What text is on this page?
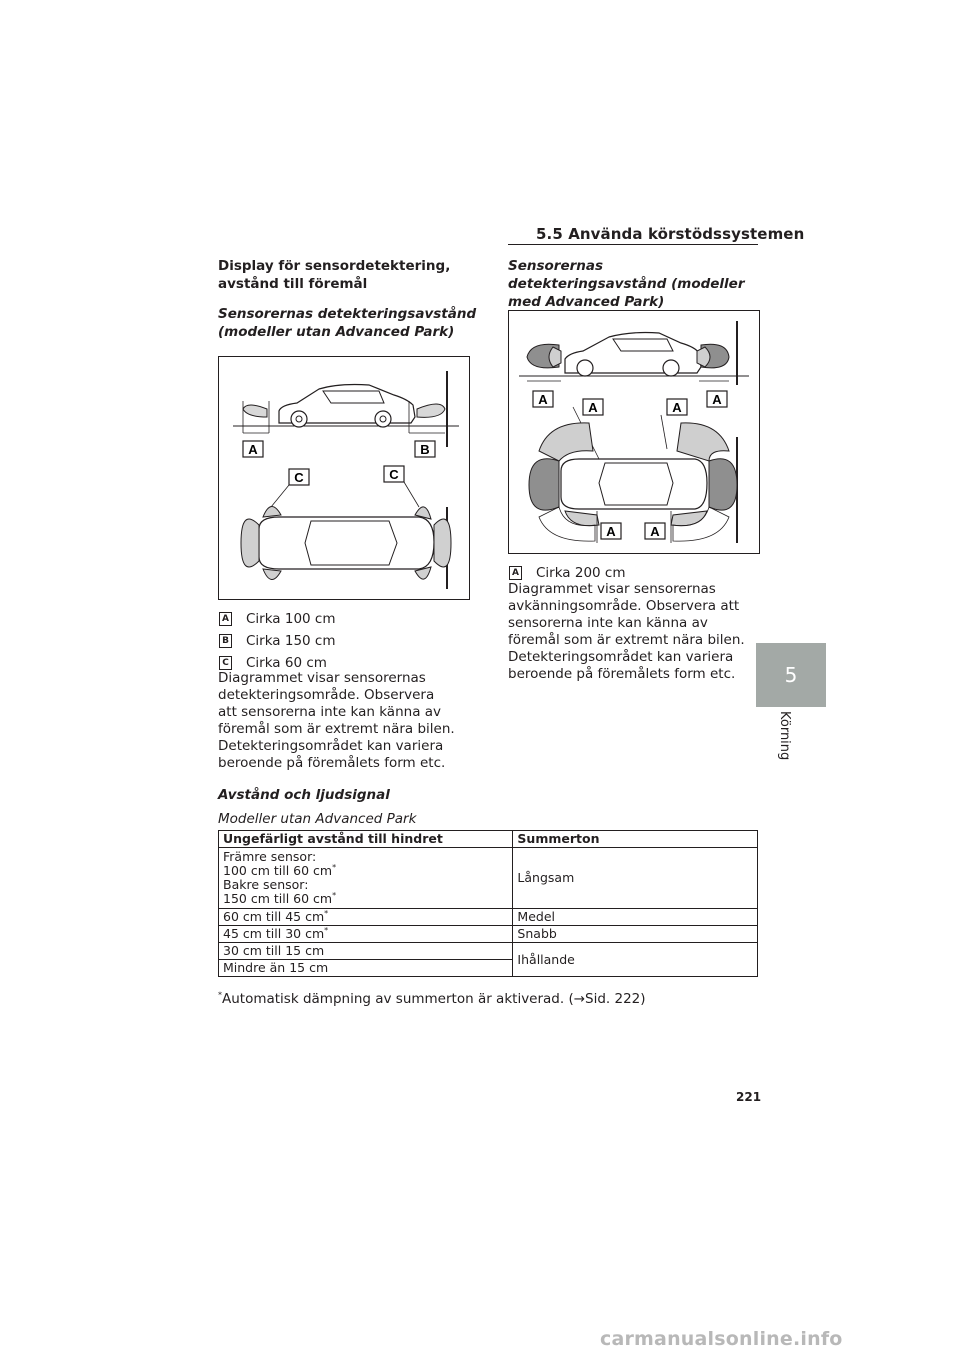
5.5 Använda körstödssystemen
Display för sensordetektering, avstånd till föremål
Sensorernas detekteringsavstånd (modeller utan Advanced Park)
A	B
C	C
A Cirka 100 cm
B Cirka 150 cm
C Cirka 60 cm
Diagrammet visar sensorernas detekteringsområde. Observera att sensorerna inte kan känna av föremål som är extremt nära bilen.
Detekteringsområdet kan variera beroende på föremålets form etc.
Sensorernas detekteringsavstånd (modeller med Advanced Park)
A
A	A
A
A	A
A Cirka 200 cm
Diagrammet visar sensorernas avkänningsområde. Observera att sensorerna inte kan känna av föremål som är extremt nära bilen.
Detekteringsområdet kan variera beroende på föremålets form etc.
Avstånd och ljudsignal
Modeller utan Advanced Park
Ungefärligt avstånd till hindret	Summerton

Främre sensor:
100 cm till 60 cm*
Bakre sensor:
150 cm till 60 cm*	Långsam
60 cm till 45 cm*	Medel
45 cm till 30 cm*	Snabb
30 cm till 15 cm	Ihållande
Mindre än 15 cm	
*Automatisk dämpning av summerton är aktiverad. (→Sid. 222)
221
5
Körning
carmanualsonline.info
